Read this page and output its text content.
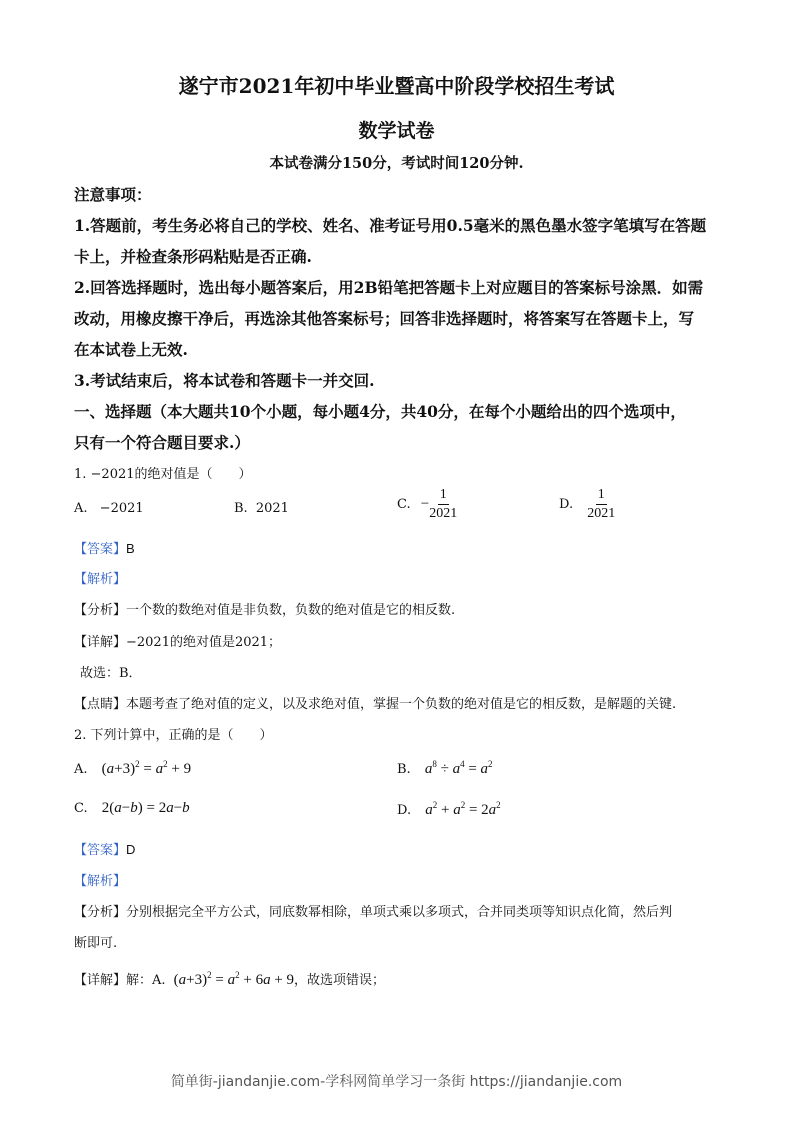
遂宁市2021年初中毕业暨高中阶段学校招生考试
数学试卷
本试卷满分150分，考试时间120分钟.
注意事项：
1.答题前，考生务必将自己的学校、姓名、准考证号用0.5毫米的黑色墨水签字笔填写在答题
卡上，并检查条形码粘贴是否正确.
2.回答选择题时，选出每小题答案后，用2B铅笔把答题卡上对应题目的答案标号涂黑．如需
改动，用橡皮擦干净后，再选涂其他答案标号；回答非选择题时，将答案写在答题卡上，写
在本试卷上无效.
3.考试结束后，将本试卷和答题卡一并交回.
一、选择题（本大题共10个小题，每小题4分，共40分，在每个小题给出的四个选项中，
只有一个符合题目要求.）
1. −2021的绝对值是（　　）
A. −2021	B. 2021	C. − $\frac{1}{2021}$	D. $\frac{1}{2021}$
【答案】B
【解析】
【分析】一个数的数绝对值是非负数，负数的绝对值是它的相反数.
【详解】−2021的绝对值是2021；
故选：B．
【点睛】本题考查了绝对值的定义，以及求绝对值，掌握一个负数的绝对值是它的相反数，是解题的关键.
2. 下列计算中，正确的是（　　）
A. $(a+3)^2 = a^2 + 9$	B. $a^8 \div a^4 = a^2$
C. 2(a−b) = 2a−b	D. $a^2 + a^2 = 2a^2$
【答案】D
【解析】
【分析】分别根据完全平方公式，同底数幂相除，单项式乘以多项式，合并同类项等知识点化简，然后判
断即可.
【详解】解：A. $(a+3)^2 = a^2 + 6a + 9$，故选项错误；
简单街-jiandanjie.com-学科网简单学习一条街 https://jiandanjie.com
